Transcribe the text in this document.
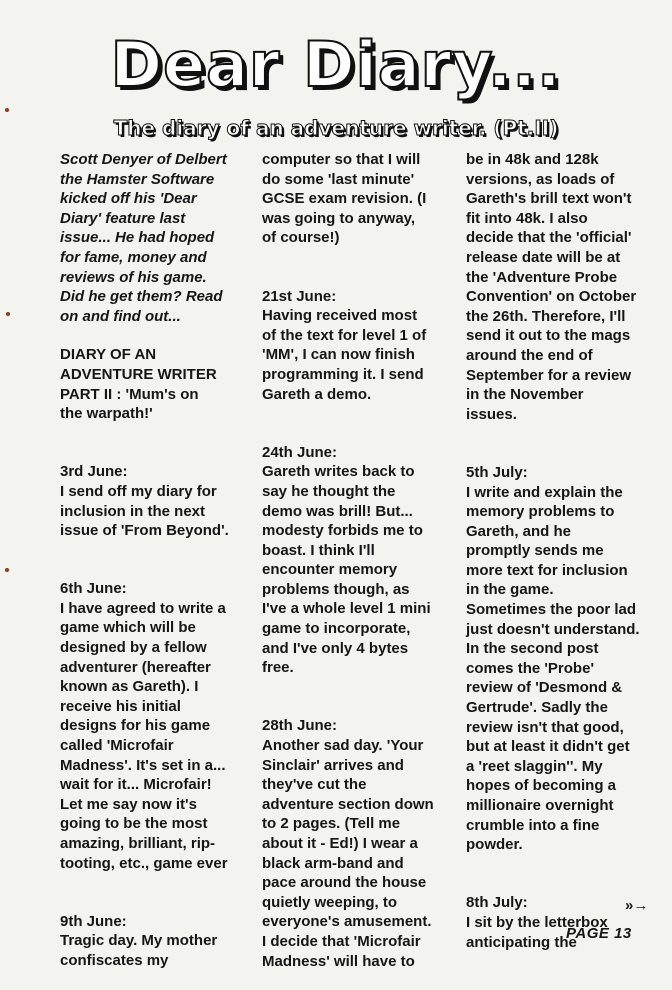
Dear Diary...
The diary of an adventure writer. (Pt.II)

Scott Denyer of Delbert
the Hamster Software
kicked off his 'Dear
Diary' feature last
issue... He had hoped
for fame, money and
reviews of his game.
Did he get them? Read
on and find out...

DIARY OF AN
ADVENTURE WRITER
PART II : 'Mum's on
the warpath!'

3rd June:
I send off my diary for
inclusion in the next
issue of 'From Beyond'.

6th June:
I have agreed to write a
game which will be
designed by a fellow
adventurer (hereafter
known as Gareth). I
receive his initial
designs for his game
called 'Microfair
Madness'. It's set in a...
wait for it... Microfair!
Let me say now it's
going to be the most
amazing, brilliant, rip-
tooting, etc., game ever

9th June:
Tragic day. My mother
confiscates my

computer so that I will
do some 'last minute'
GCSE exam revision. (I
was going to anyway,
of course!)

21st June:
Having received most
of the text for level 1 of
'MM', I can now finish
programming it. I send
Gareth a demo.

24th June:
Gareth writes back to
say he thought the
demo was brill! But...
modesty forbids me to
boast. I think I'll
encounter memory
problems though, as
I've a whole level 1 mini
game to incorporate,
and I've only 4 bytes
free.

28th June:
Another sad day. 'Your
Sinclair' arrives and
they've cut the
adventure section down
to 2 pages. (Tell me
about it - Ed!) I wear a
black arm-band and
pace around the house
quietly weeping, to
everyone's amusement.
I decide that 'Microfair
Madness' will have to

be in 48k and 128k
versions, as loads of
Gareth's brill text won't
fit into 48k. I also
decide that the 'official'
release date will be at
the 'Adventure Probe
Convention' on October
the 26th. Therefore, I'll
send it out to the mags
around the end of
September for a review
in the November
issues.

5th July:
I write and explain the
memory problems to
Gareth, and he
promptly sends me
more text for inclusion
in the game.
Sometimes the poor lad
just doesn't understand.
In the second post
comes the 'Probe'
review of 'Desmond &
Gertrude'. Sadly the
review isn't that good,
but at least it didn't get
a 'reet slaggin''. My
hopes of becoming a
millionaire overnight
crumble into a fine
powder.

8th July:
I sit by the letterbox
anticipating the

»→
PAGE 13
